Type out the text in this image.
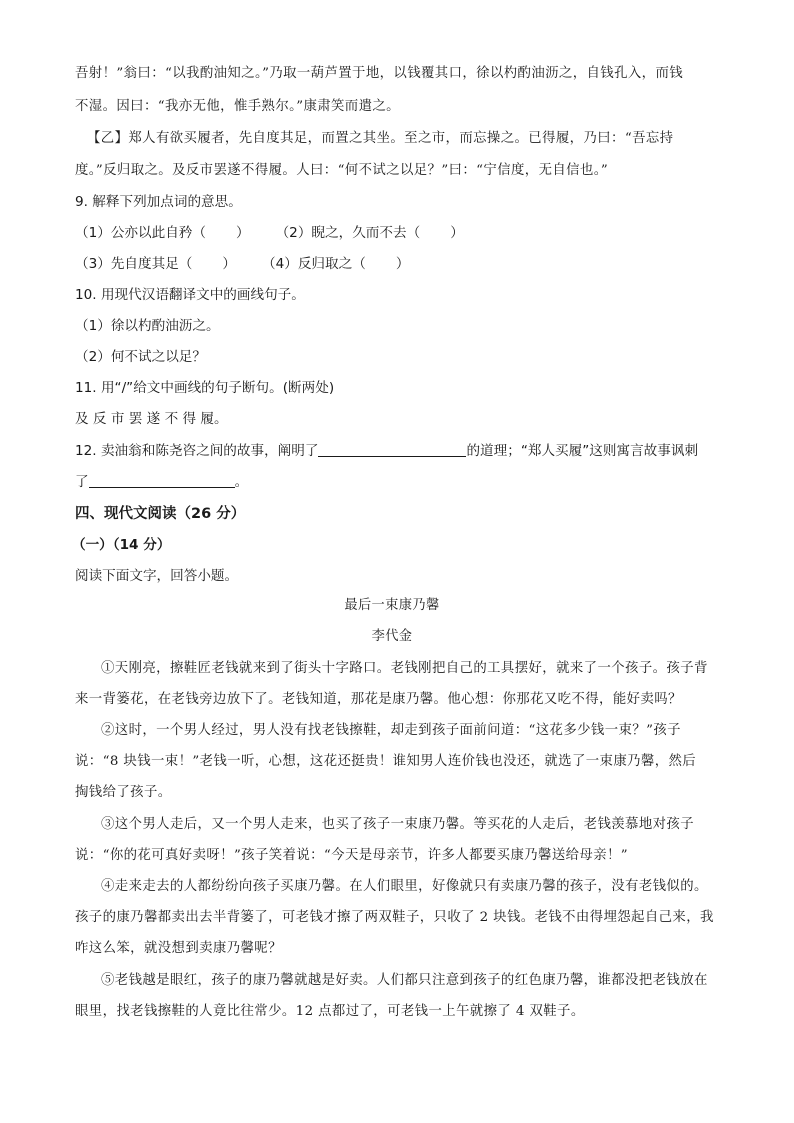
吾射！”翁曰：“以我酌油知之。”乃取一葫芦置于地，以钱覆其口，徐以杓酌油沥之，自钱孔入，而钱
不湿。因曰：“我亦无他，惟手熟尔。”康肃笑而遣之。
【乙】郑人有欲买履者，先自度其足，而置之其坐。至之市，而忘操之。已得履，乃曰：“吾忘持
度。”反归取之。及反市罢遂不得履。人曰：“何不试之以足？”曰：“宁信度，无自信也。”
9. 解释下列加点词的意思。
（1）公亦以此自矜（ ） （2）睨之，久而不去（ ）
（3）先自度其足（ ） （4）反归取之（ ）
10. 用现代汉语翻译文中的画线句子。
（1）徐以杓酌油沥之。
（2）何不试之以足？
11. 用“/”给文中画线的句子断句。(断两处)
及 反 市 罢 遂 不 得 履。
12. 卖油翁和陈尧咨之间的故事，阐明了	的道理；“郑人买履”这则寓言故事讽刺
了	。
四、现代文阅读（26 分）
（一）（14 分）
阅读下面文字，回答小题。
最后一束康乃馨
李代金
①天刚亮，擦鞋匠老钱就来到了街头十字路口。老钱刚把自己的工具摆好，就来了一个孩子。孩子背
来一背篓花，在老钱旁边放下了。老钱知道，那花是康乃馨。他心想：你那花又吃不得，能好卖吗？
②这时，一个男人经过，男人没有找老钱擦鞋，却走到孩子面前问道：“这花多少钱一束？”孩子
说：“8 块钱一束！”老钱一听，心想，这花还挺贵！谁知男人连价钱也没还，就选了一束康乃馨，然后
掏钱给了孩子。
③这个男人走后，又一个男人走来，也买了孩子一束康乃馨。等买花的人走后，老钱羡慕地对孩子
说：“你的花可真好卖呀！”孩子笑着说：“今天是母亲节，许多人都要买康乃馨送给母亲！”
④走来走去的人都纷纷向孩子买康乃馨。在人们眼里，好像就只有卖康乃馨的孩子，没有老钱似的。
孩子的康乃馨都卖出去半背篓了，可老钱才擦了两双鞋子，只收了 2 块钱。老钱不由得埋怨起自己来，我
咋这么笨，就没想到卖康乃馨呢？
⑤老钱越是眼红，孩子的康乃馨就越是好卖。人们都只注意到孩子的红色康乃馨，谁都没把老钱放在
眼里，找老钱擦鞋的人竟比往常少。12 点都过了，可老钱一上午就擦了 4 双鞋子。
